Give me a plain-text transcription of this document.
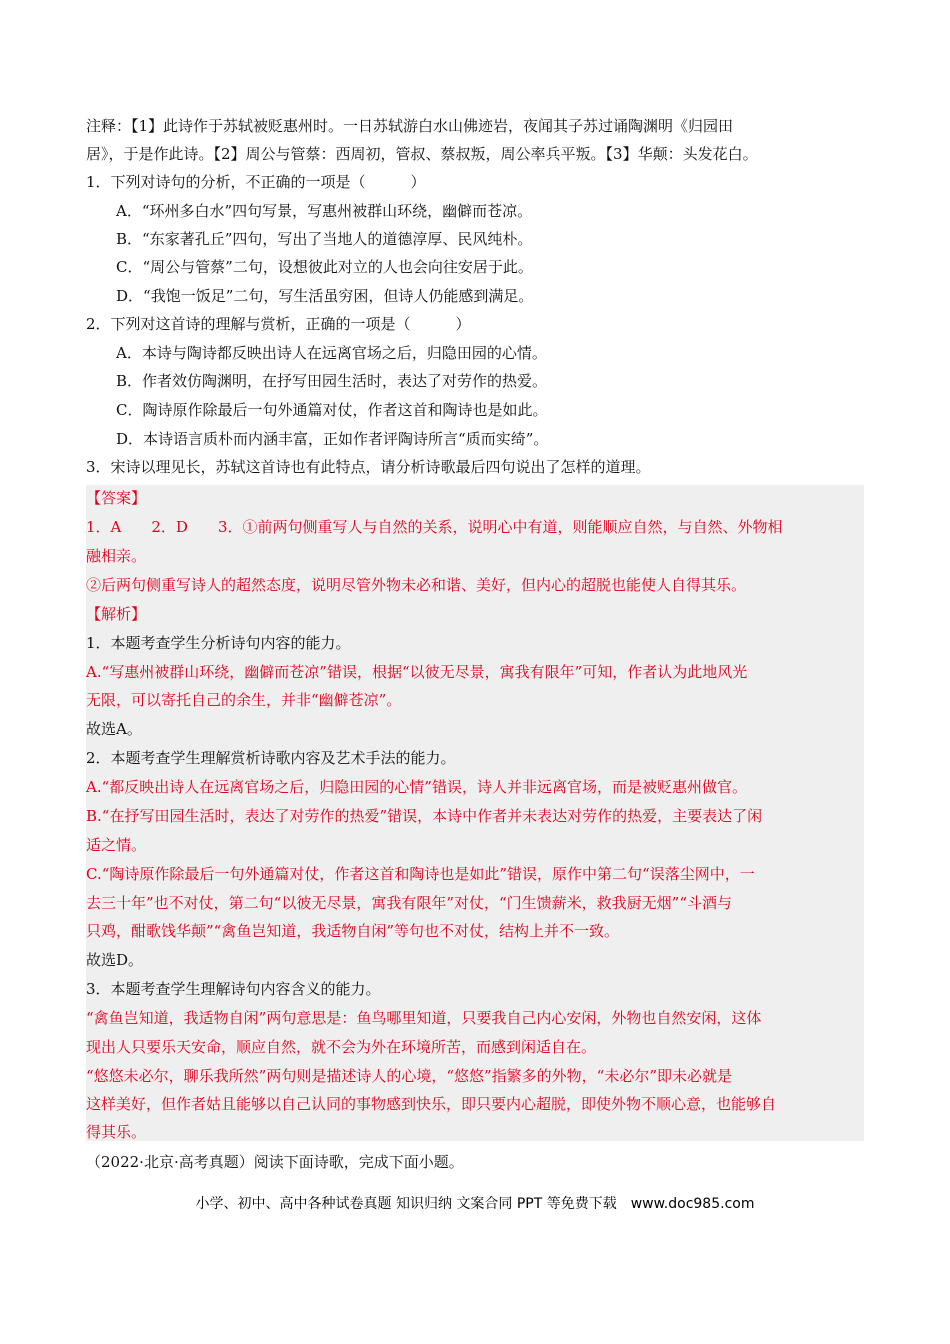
注释：【1】此诗作于苏轼被贬惠州时。一日苏轼游白水山佛迹岩，夜闻其子苏过诵陶渊明《归园田
居》，于是作此诗。【2】周公与管蔡：西周初，管叔、蔡叔叛，周公率兵平叛。【3】华颠：头发花白。
1．下列对诗句的分析，不正确的一项是（　　　）
A．“环州多白水”四句写景，写惠州被群山环绕，幽僻而苍凉。
B．“东家著孔丘”四句，写出了当地人的道德淳厚、民风纯朴。
C．“周公与管蔡”二句，设想彼此对立的人也会向往安居于此。
D．“我饱一饭足”二句，写生活虽穷困，但诗人仍能感到满足。
2．下列对这首诗的理解与赏析，正确的一项是（　　　）
A．本诗与陶诗都反映出诗人在远离官场之后，归隐田园的心情。
B．作者效仿陶渊明，在抒写田园生活时，表达了对劳作的热爱。
C．陶诗原作除最后一句外通篇对仗，作者这首和陶诗也是如此。
D．本诗语言质朴而内涵丰富，正如作者评陶诗所言“质而实绮”。
3．宋诗以理见长，苏轼这首诗也有此特点，请分析诗歌最后四句说出了怎样的道理。
【答案】
1．A　　2．D　　3．①前两句侧重写人与自然的关系，说明心中有道，则能顺应自然，与自然、外物相
融相亲。
②后两句侧重写诗人的超然态度，说明尽管外物未必和谐、美好，但内心的超脱也能使人自得其乐。
【解析】
1．本题考查学生分析诗句内容的能力。
A.“写惠州被群山环绕，幽僻而苍凉”错误，根据“以彼无尽景，寓我有限年”可知，作者认为此地风光
无限，可以寄托自己的余生，并非“幽僻苍凉”。
故选A。
2．本题考查学生理解赏析诗歌内容及艺术手法的能力。
A.“都反映出诗人在远离官场之后，归隐田园的心情”错误，诗人并非远离官场，而是被贬惠州做官。
B.“在抒写田园生活时，表达了对劳作的热爱”错误，本诗中作者并未表达对劳作的热爱，主要表达了闲
适之情。
C.“陶诗原作除最后一句外通篇对仗，作者这首和陶诗也是如此”错误，原作中第二句“误落尘网中，一
去三十年”也不对仗，第二句“以彼无尽景，寓我有限年”对仗，“门生馈薪米，救我厨无烟”“斗酒与
只鸡，酣歌饯华颠”“禽鱼岂知道，我适物自闲”等句也不对仗，结构上并不一致。
故选D。
3．本题考查学生理解诗句内容含义的能力。
“禽鱼岂知道，我适物自闲”两句意思是：鱼鸟哪里知道，只要我自己内心安闲，外物也自然安闲，这体
现出人只要乐天安命，顺应自然，就不会为外在环境所苦，而感到闲适自在。
“悠悠未必尔，聊乐我所然”两句则是描述诗人的心境，“悠悠”指繁多的外物，“未必尔”即未必就是
这样美好，但作者姑且能够以自己认同的事物感到快乐，即只要内心超脱，即使外物不顺心意，也能够自
得其乐。
（2022·北京·高考真题）阅读下面诗歌，完成下面小题。
小学、初中、高中各种试卷真题 知识归纳 文案合同 PPT 等免费下载　www.doc985.com
